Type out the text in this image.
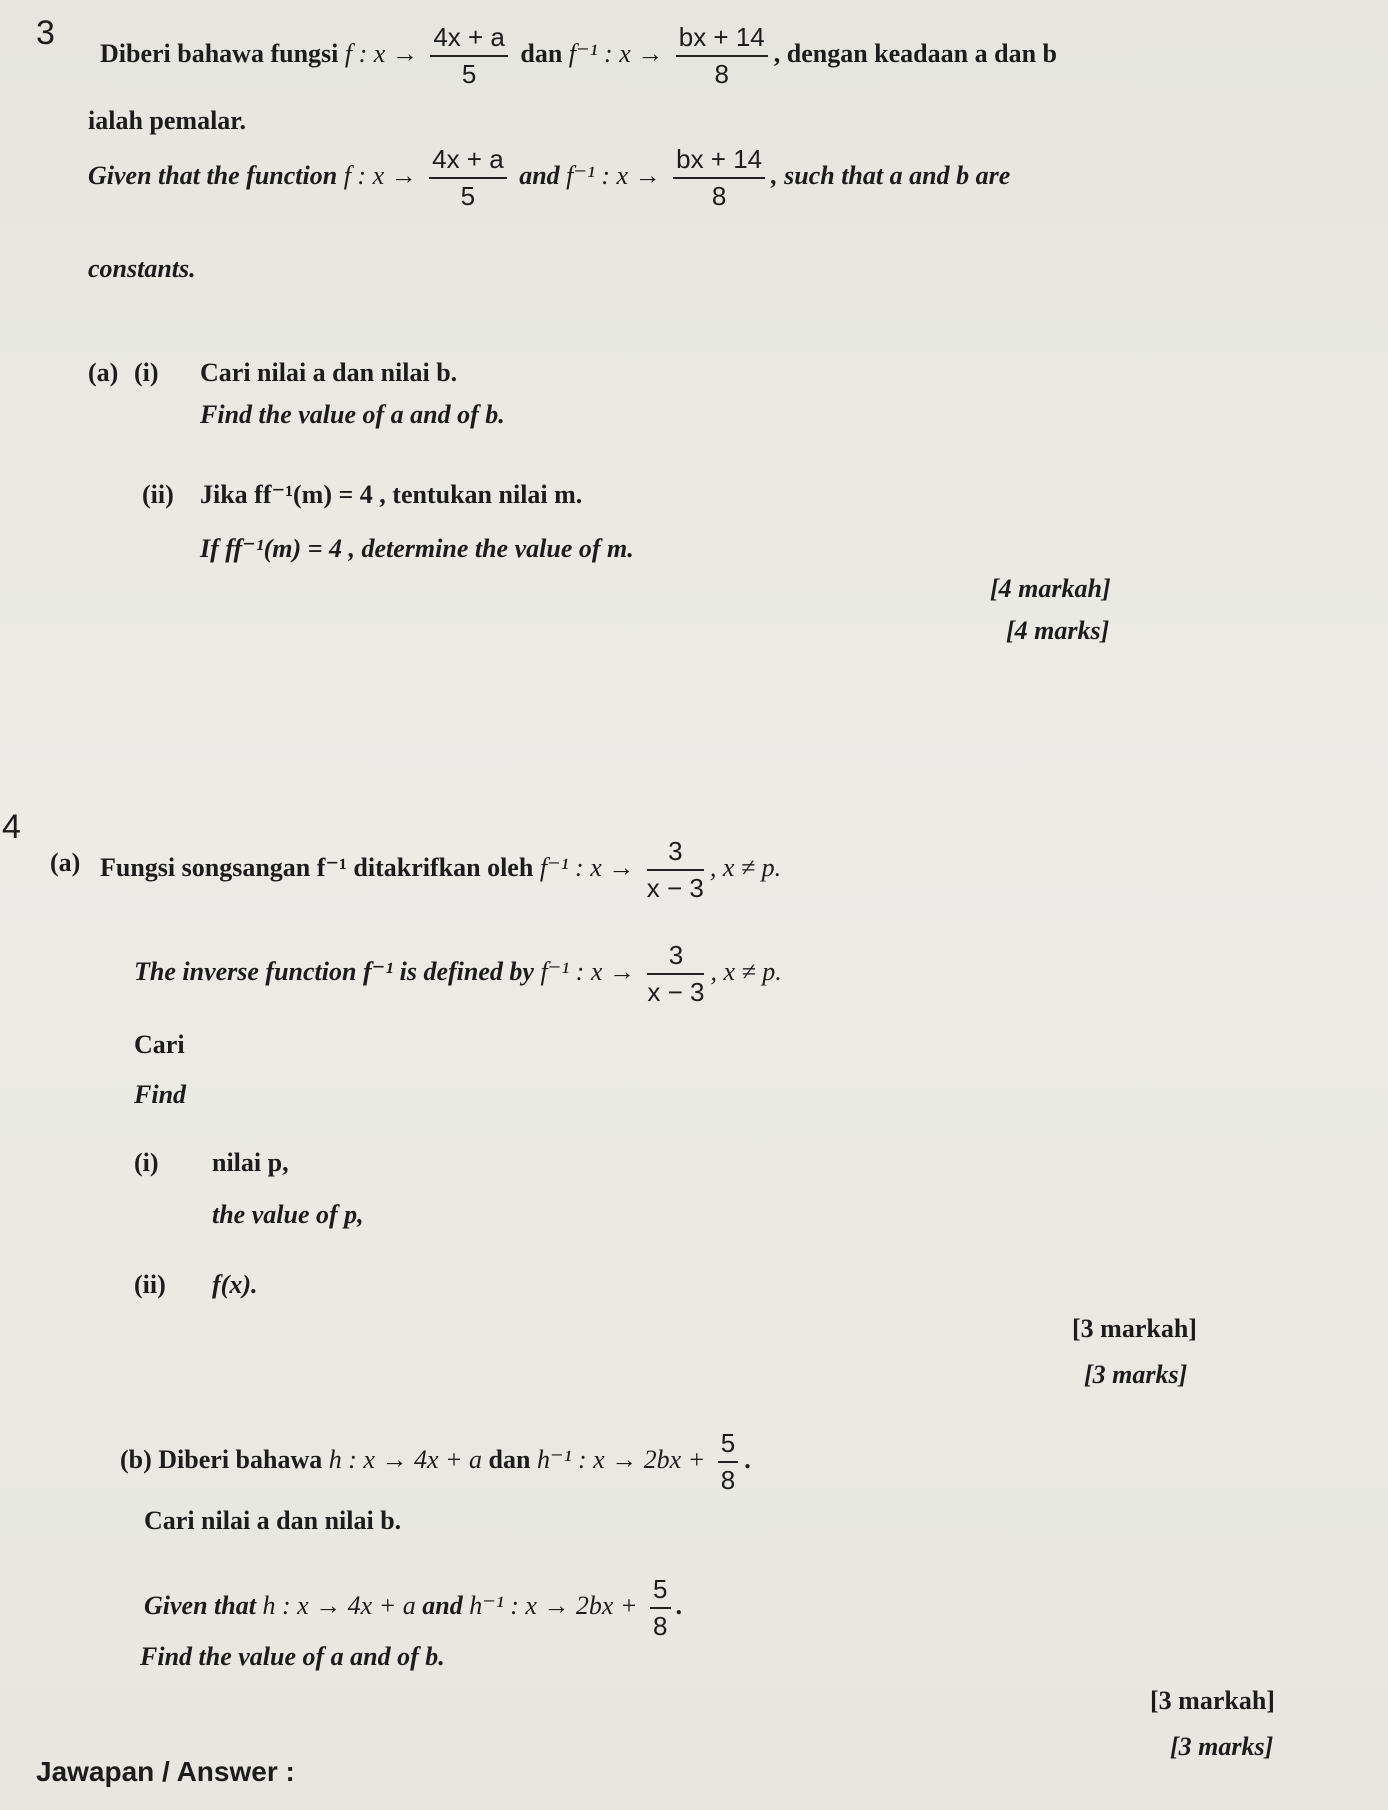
3
Diberi bahawa fungsi f : $x \to \frac{4x + a}{5}$ dan f⁻¹ : $x \to \frac{bx + 14}{8}$ , dengan keadaan a dan b
ialah pemalar.
Given that the function f : $x \to \frac{4x + a}{5}$ and f⁻¹ : $x \to \frac{bx + 14}{8}$ , such that a and b are
constants.
(a) (i) Cari nilai a dan nilai b.
Find the value of a and of b.
(ii) Jika ff⁻¹(m) = 4 , tentukan nilai m.
If ff⁻¹(m) = 4 , determine the value of m.
[4 markah]
[4 marks]
4
(a) Fungsi songsangan f⁻¹ ditakrifkan oleh f⁻¹ : $x \to \frac{3}{x - 3}$ , x ≠ p.
The inverse function f⁻¹ is defined by f⁻¹ : $x \to \frac{3}{x - 3}$ , x ≠ p.
Cari
Find
(i) nilai p,
the value of p,
(ii) f(x).
[3 markah]
[3 marks]
(b) Diberi bahawa h : x → 4x + a dan h⁻¹ : $x \to 2bx + \frac{5}{8}$ .
Cari nilai a dan nilai b.
Given that h : x → 4x + a and h⁻¹ : $x \to 2bx + \frac{5}{8}$ .
Find the value of a and of b.
[3 markah]
[3 marks]
Jawapan / Answer :
